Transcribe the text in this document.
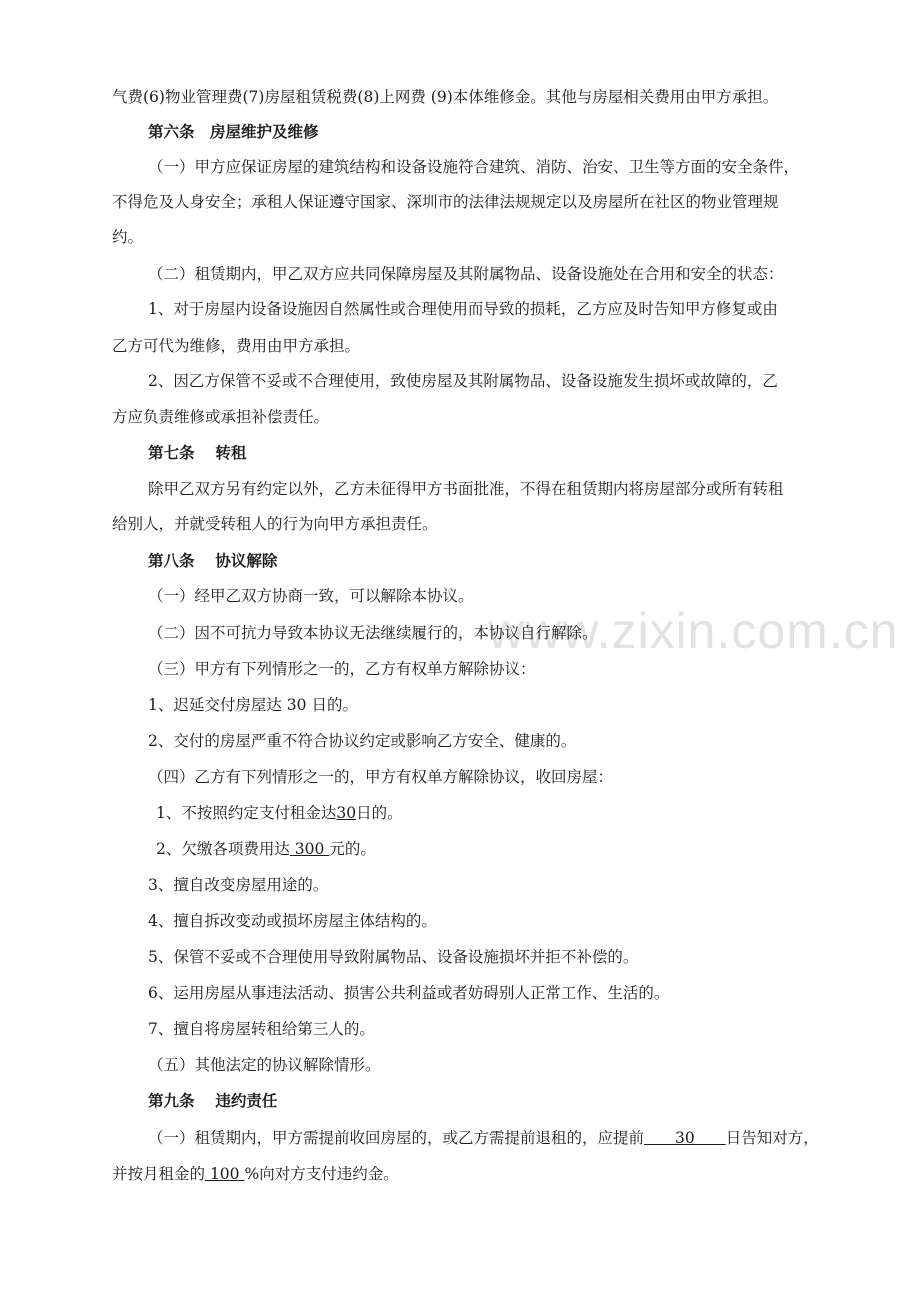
www.zixin.com.cn
气费(6)物业管理费(7)房屋租赁税费(8)上网费 (9)本体维修金。其他与房屋相关费用由甲方承担。
第六条　房屋维护及维修
（一）甲方应保证房屋的建筑结构和设备设施符合建筑、消防、治安、卫生等方面的安全条件，
不得危及人身安全；承租人保证遵守国家、深圳市的法律法规规定以及房屋所在社区的物业管理规
约。
（二）租赁期内，甲乙双方应共同保障房屋及其附属物品、设备设施处在合用和安全的状态：
1、对于房屋内设备设施因自然属性或合理使用而导致的损耗，乙方应及时告知甲方修复或由
乙方可代为维修，费用由甲方承担。
2、因乙方保管不妥或不合理使用，致使房屋及其附属物品、设备设施发生损坏或故障的，乙
方应负责维修或承担补偿责任。
第七条　 转租
除甲乙双方另有约定以外，乙方未征得甲方书面批准，不得在租赁期内将房屋部分或所有转租
给别人，并就受转租人的行为向甲方承担责任。
第八条　 协议解除
（一）经甲乙双方协商一致，可以解除本协议。
（二）因不可抗力导致本协议无法继续履行的，本协议自行解除。
（三）甲方有下列情形之一的，乙方有权单方解除协议：
1、迟延交付房屋达 30 日的。
2、交付的房屋严重不符合协议约定或影响乙方安全、健康的。
（四）乙方有下列情形之一的，甲方有权单方解除协议，收回房屋：
1、不按照约定支付租金达30日的。
2、欠缴各项费用达 300 元的。
3、擅自改变房屋用途的。
4、擅自拆改变动或损坏房屋主体结构的。
5、保管不妥或不合理使用导致附属物品、设备设施损坏并拒不补偿的。
6、运用房屋从事违法活动、损害公共利益或者妨碍别人正常工作、生活的。
7、擅自将房屋转租给第三人的。
（五）其他法定的协议解除情形。
第九条　 违约责任
（一）租赁期内，甲方需提前收回房屋的，或乙方需提前退租的，应提前　　30　　日告知对方，
并按月租金的 100 %向对方支付违约金。
